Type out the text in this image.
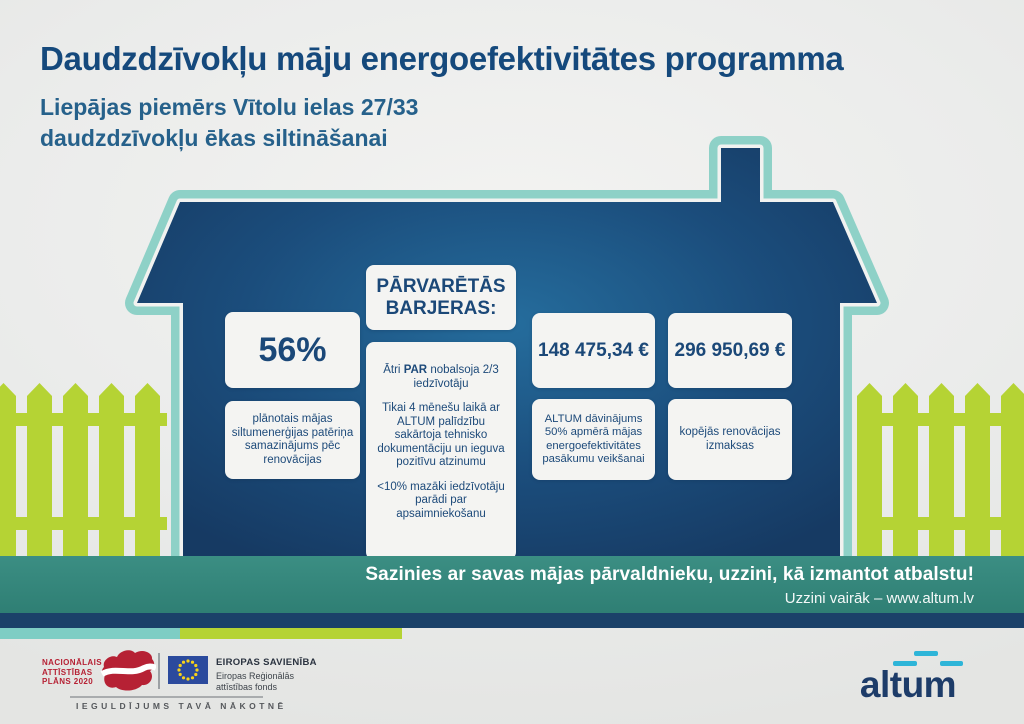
Daudzdzīvokļu māju energoefektivitātes programma
Liepājas piemērs Vītolu ielas 27/33
daudzdzīvokļu ēkas siltināšanai
56%
plānotais mājas siltumenerģijas patēriņa samazinājums pēc renovācijas
PĀRVARĒTĀS BARJERAS:

Ātri PAR nobalsoja 2/3 iedzīvotāju

Tikai 4 mēnešu laikā ar ALTUM palīdzību sakārtoja tehnisko dokumentāciju un ieguva pozitīvu atzinumu

<10% mazāki iedzīvotāju parādi par apsaimniekošanu

148 475,34 €
ALTUM dāvinājums 50% apmērā mājas energoefektivitātes pasākumu veikšanai
296 950,69 €
kopējās renovācijas izmaksas
Sazinies ar savas mājas pārvaldnieku, uzzini, kā izmantot atbalstu!
Uzzini vairāk – www.altum.lv
NACIONĀLAIS
ATTĪSTĪBAS
PLĀNS 2020
EIROPAS SAVIENĪBA
Eiropas Reģionālās
attīstības fonds
IEGULDĪJUMS TAVĀ NĀKOTNĒ
altum
